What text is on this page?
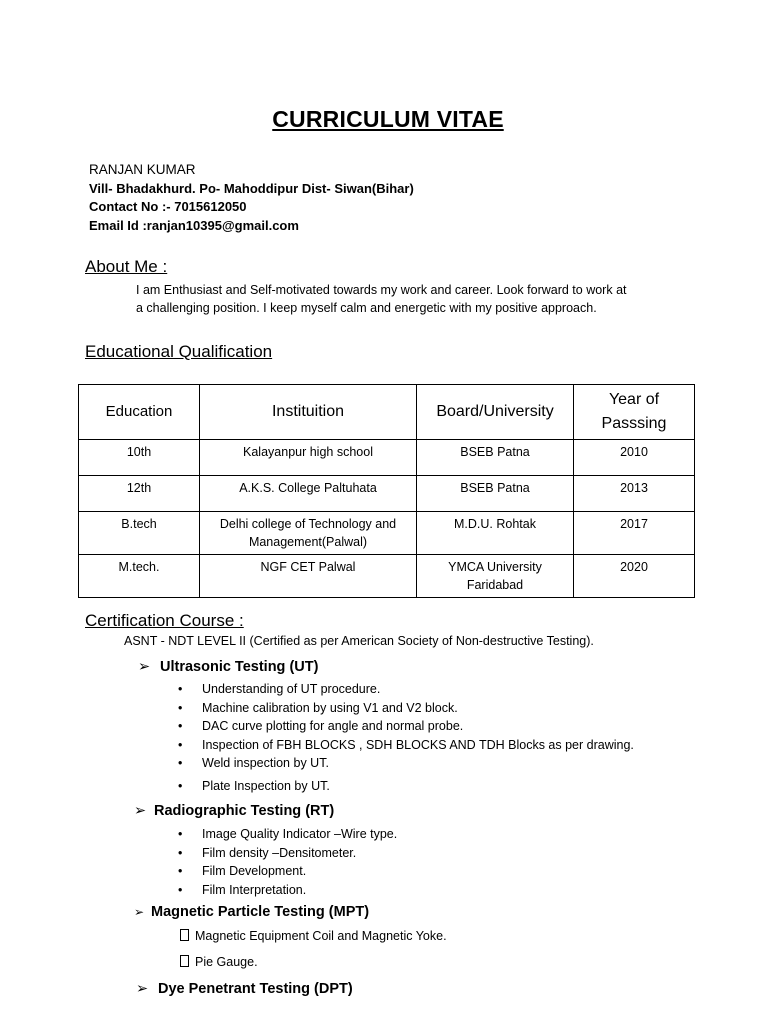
CURRICULUM VITAE
RANJAN KUMAR
Vill- Bhadakhurd. Po- Mahoddipur Dist- Siwan(Bihar)
Contact No :- 7015612050
Email Id :ranjan10395@gmail.com
About Me :
I am Enthusiast and Self-motivated towards my work and career. Look forward to work at
a challenging position. I keep myself calm and energetic with my positive approach.
Educational Qualification
Education	Instituition	Board/University	Year of Passsing
10th	Kalayanpur high school	BSEB Patna	2010
12th	A.K.S. College Paltuhata	BSEB Patna	2013
B.tech	Delhi college of Technology and Management(Palwal)	M.D.U. Rohtak	2017
M.tech.	NGF CET Palwal	YMCA University Faridabad	2020
Certification Course :
ASNT - NDT LEVEL II (Certified as per American Society of Non-destructive Testing).
➢ Ultrasonic Testing (UT)
• Understanding of UT procedure.
• Machine calibration by using V1 and V2 block.
• DAC curve plotting for angle and normal probe.
• Inspection of FBH BLOCKS , SDH BLOCKS AND TDH Blocks as per drawing.
• Weld inspection by UT.
• Plate Inspection by UT.
➢ Radiographic Testing (RT)
• Image Quality Indicator –Wire type.
• Film density –Densitometer.
• Film Development.
• Film Interpretation.
➢ Magnetic Particle Testing (MPT)
Magnetic Equipment Coil and Magnetic Yoke.
Pie Gauge.
➢ Dye Penetrant Testing (DPT)
